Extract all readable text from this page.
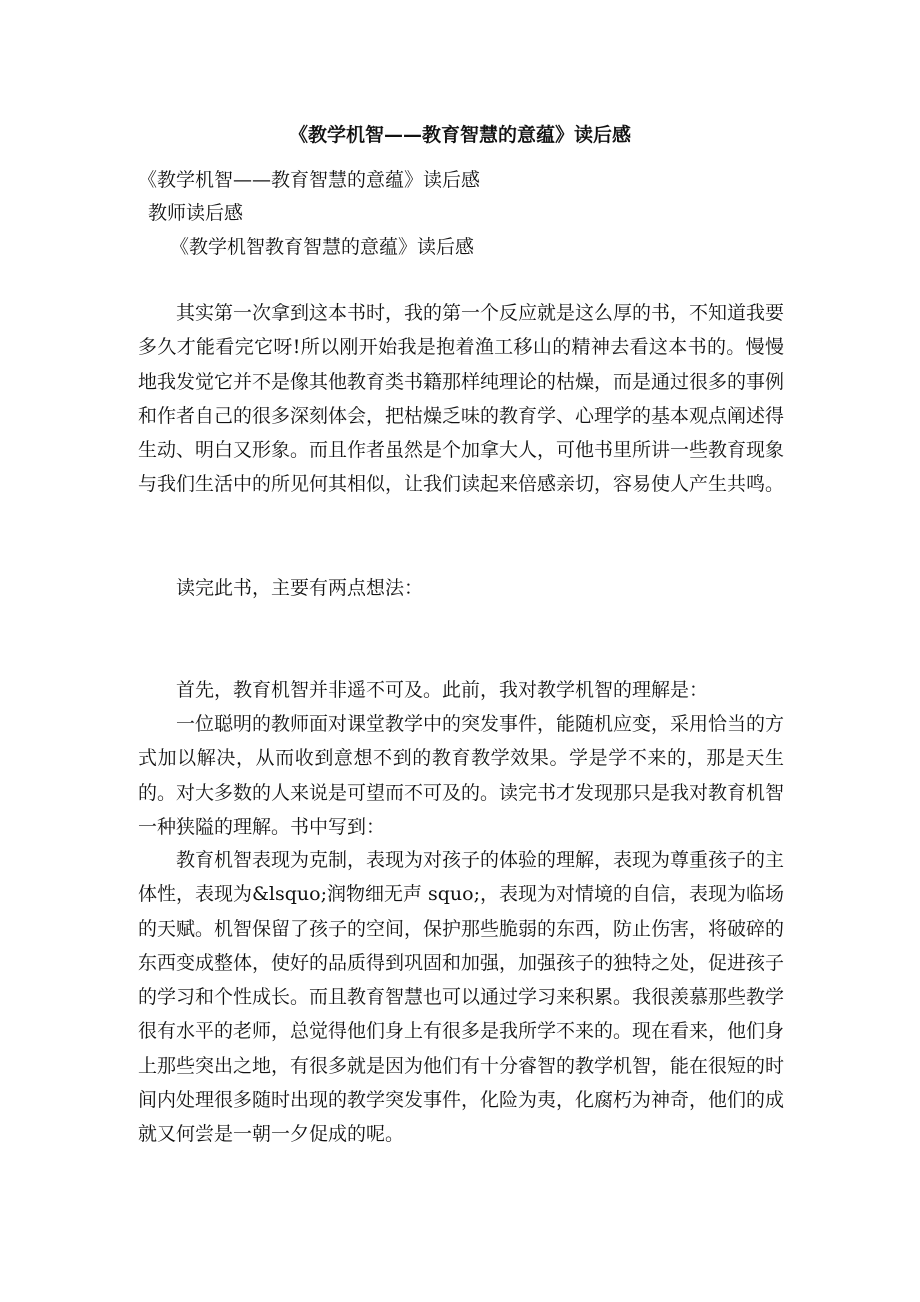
《教学机智——教育智慧的意蕴》读后感
《教学机智——教育智慧的意蕴》读后感
教师读后感
《教学机智教育智慧的意蕴》读后感

其实第一次拿到这本书时，我的第一个反应就是这么厚的书，不知道我要多久才能看完它呀!所以刚开始我是抱着渔工移山的精神去看这本书的。慢慢地我发觉它并不是像其他教育类书籍那样纯理论的枯燥，而是通过很多的事例和作者自己的很多深刻体会，把枯燥乏味的教育学、心理学的基本观点阐述得生动、明白又形象。而且作者虽然是个加拿大人，可他书里所讲一些教育现象与我们生活中的所见何其相似，让我们读起来倍感亲切，容易使人产生共鸣。

读完此书，主要有两点想法：

首先，教育机智并非遥不可及。此前，我对教学机智的理解是：

一位聪明的教师面对课堂教学中的突发事件，能随机应变，采用恰当的方式加以解决，从而收到意想不到的教育教学效果。学是学不来的，那是天生的。对大多数的人来说是可望而不可及的。读完书才发现那只是我对教育机智一种狭隘的理解。书中写到：

教育机智表现为克制，表现为对孩子的体验的理解，表现为尊重孩子的主体性，表现为&lsquo;润物细无声 squo;，表现为对情境的自信，表现为临场的天赋。机智保留了孩子的空间，保护那些脆弱的东西，防止伤害，将破碎的东西变成整体，使好的品质得到巩固和加强，加强孩子的独特之处，促进孩子的学习和个性成长。而且教育智慧也可以通过学习来积累。我很羡慕那些教学很有水平的老师，总觉得他们身上有很多是我所学不来的。现在看来，他们身上那些突出之地，有很多就是因为他们有十分睿智的教学机智，能在很短的时间内处理很多随时出现的教学突发事件，化险为夷，化腐朽为神奇，他们的成就又何尝是一朝一夕促成的呢。
